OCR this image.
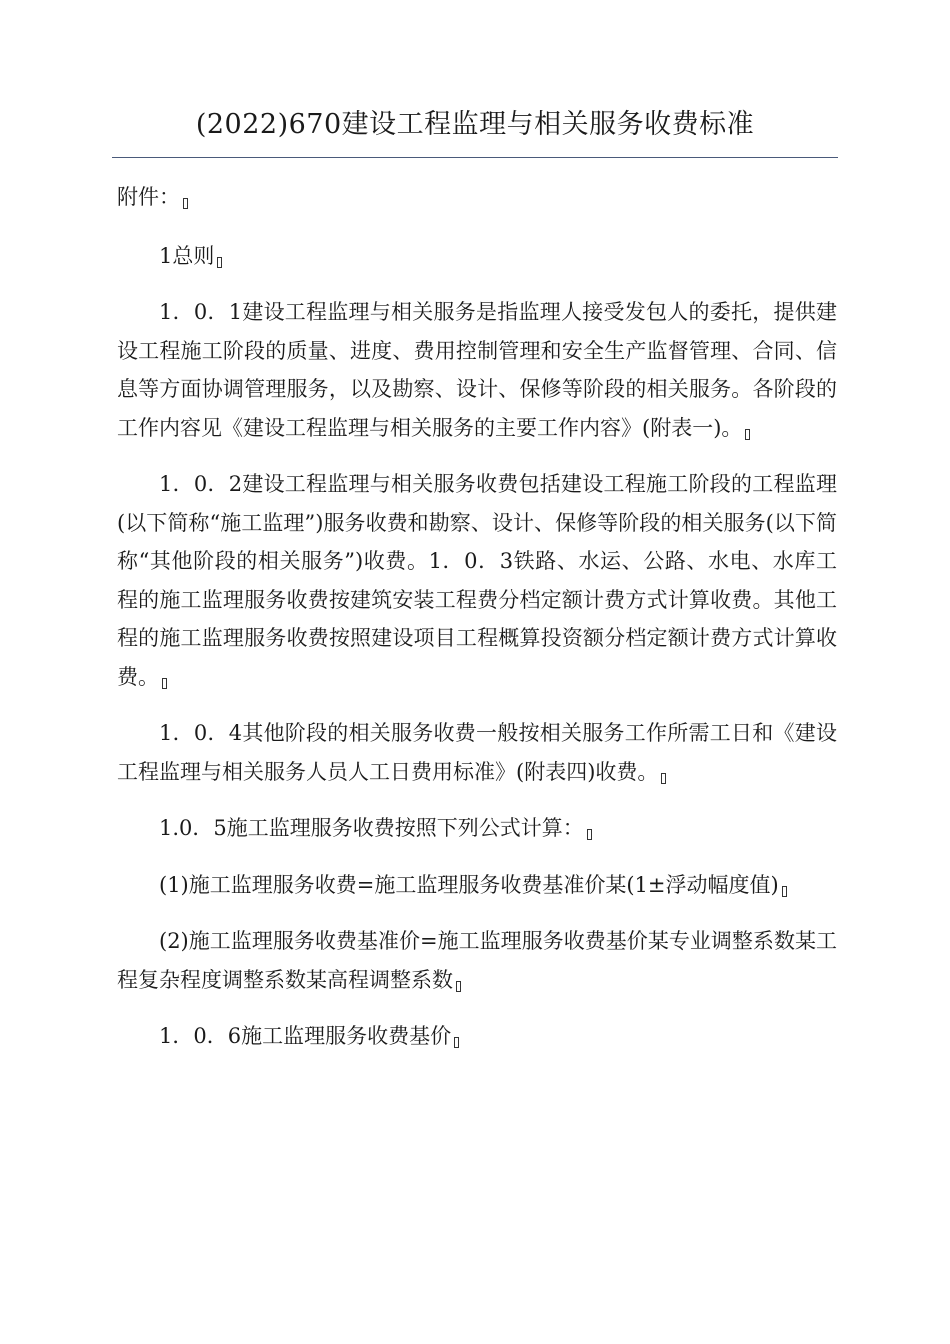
(2022)670建设工程监理与相关服务收费标准

附件：

1总则

1．0．1建设工程监理与相关服务是指监理人接受发包人的委托，提供建设工程施工阶段的质量、进度、费用控制管理和安全生产监督管理、合同、信息等方面协调管理服务，以及勘察、设计、保修等阶段的相关服务。各阶段的工作内容见《建设工程监理与相关服务的主要工作内容》(附表一)。

1．0．2建设工程监理与相关服务收费包括建设工程施工阶段的工程监理(以下简称“施工监理”)服务收费和勘察、设计、保修等阶段的相关服务(以下简称“其他阶段的相关服务”)收费。1．0．3铁路、水运、公路、水电、水库工程的施工监理服务收费按建筑安装工程费分档定额计费方式计算收费。其他工程的施工监理服务收费按照建设项目工程概算投资额分档定额计费方式计算收费。

1．0．4其他阶段的相关服务收费一般按相关服务工作所需工日和《建设工程监理与相关服务人员人工日费用标准》(附表四)收费。

1.0．5施工监理服务收费按照下列公式计算：

(1)施工监理服务收费=施工监理服务收费基准价某(1±浮动幅度值)

(2)施工监理服务收费基准价=施工监理服务收费基价某专业调整系数某工程复杂程度调整系数某高程调整系数

1．0．6施工监理服务收费基价
